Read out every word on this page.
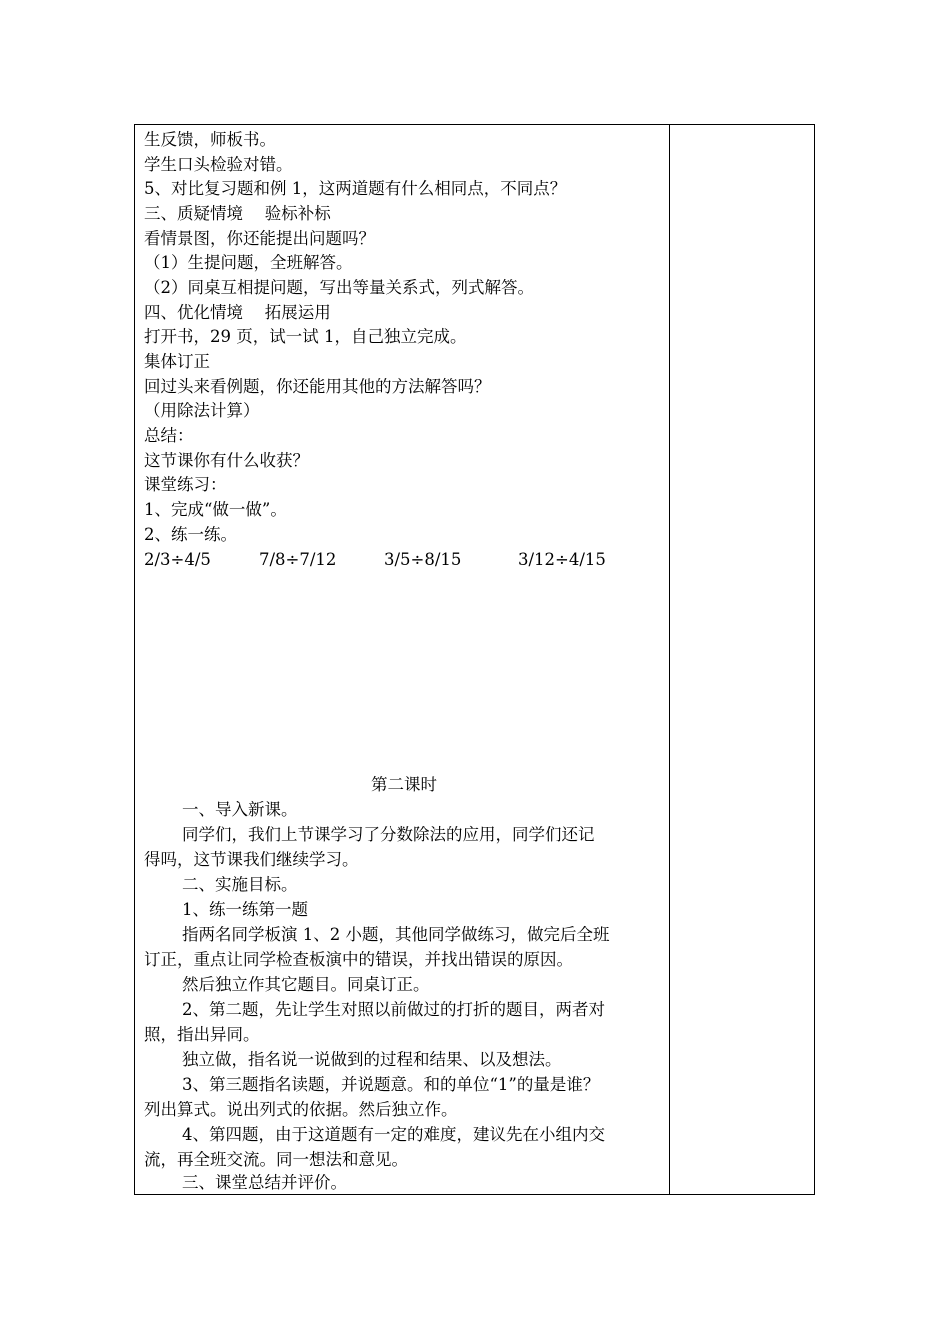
生反馈，师板书。
学生口头检验对错。
5、对比复习题和例 1，这两道题有什么相同点，不同点？
三、质疑情境　 验标补标
看情景图，你还能提出问题吗？
（1）生提问题，全班解答。
（2）同桌互相提问题，写出等量关系式，列式解答。
四、优化情境　 拓展运用
打开书，29 页，试一试 1，自己独立完成。
集体订正
回过头来看例题，你还能用其他的方法解答吗？
（用除法计算）
总结：
这节课你有什么收获？
课堂练习：
1、完成“做一做”。
2、练一练。
2/3÷4/5	7/8÷7/12	3/5÷8/15	3/12÷4/15
第二课时
一、导入新课。
同学们，我们上节课学习了分数除法的应用，同学们还记
得吗，这节课我们继续学习。
二、实施目标。
1、练一练第一题
指两名同学板演 1、2 小题，其他同学做练习，做完后全班
订正，重点让同学检查板演中的错误，并找出错误的原因。
然后独立作其它题目。同桌订正。
2、第二题，先让学生对照以前做过的打折的题目，两者对
照，指出异同。
独立做，指名说一说做到的过程和结果、以及想法。
3、第三题指名读题，并说题意。和的单位“1”的量是谁？
列出算式。说出列式的依据。然后独立作。
4、第四题，由于这道题有一定的难度，建议先在小组内交
流，再全班交流。同一想法和意见。
三、课堂总结并评价。
